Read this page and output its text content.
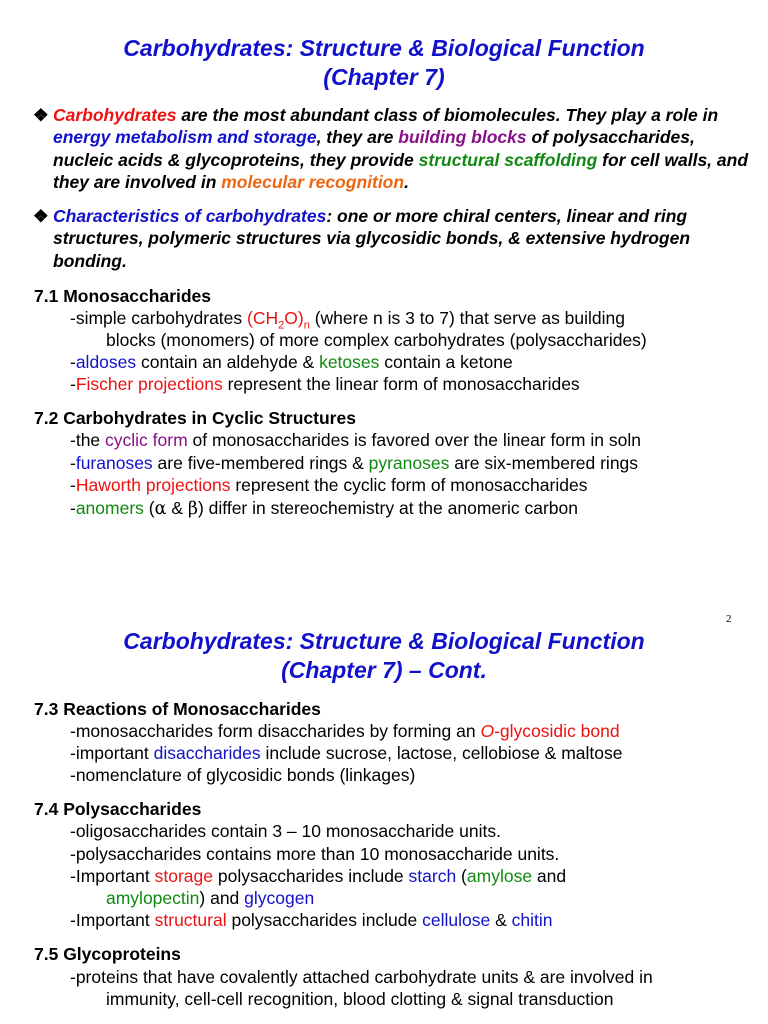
Carbohydrates: Structure & Biological Function
(Chapter 7)
❖ Carbohydrates are the most abundant class of biomolecules. They play a role in energy metabolism and storage, they are building blocks of polysaccharides, nucleic acids & glycoproteins, they provide structural scaffolding for cell walls, and they are involved in molecular recognition.
❖ Characteristics of carbohydrates: one or more chiral centers, linear and ring structures, polymeric structures via glycosidic bonds, & extensive hydrogen bonding.
7.1 Monosaccharides
-simple carbohydrates $(CH_2O)_n$ (where n is 3 to 7) that serve as building
blocks (monomers) of more complex carbohydrates (polysaccharides)
-aldoses contain an aldehyde & ketoses contain a ketone
-Fischer projections represent the linear form of monosaccharides
7.2 Carbohydrates in Cyclic Structures
-the cyclic form of monosaccharides is favored over the linear form in soln
-furanoses are five-membered rings & pyranoses are six-membered rings
-Haworth projections represent the cyclic form of monosaccharides
-anomers (α & β) differ in stereochemistry at the anomeric carbon
2
Carbohydrates: Structure & Biological Function
(Chapter 7) – Cont.
7.3 Reactions of Monosaccharides
-monosaccharides form disaccharides by forming an O-glycosidic bond
-important disaccharides include sucrose, lactose, cellobiose & maltose
-nomenclature of glycosidic bonds (linkages)
7.4 Polysaccharides
-oligosaccharides contain 3 – 10 monosaccharide units.
-polysaccharides contains more than 10 monosaccharide units.
-Important storage polysaccharides include starch (amylose and
amylopectin) and glycogen
-Important structural polysaccharides include cellulose & chitin
7.5 Glycoproteins
-proteins that have covalently attached carbohydrate units & are involved in
immunity, cell-cell recognition, blood clotting & signal transduction
